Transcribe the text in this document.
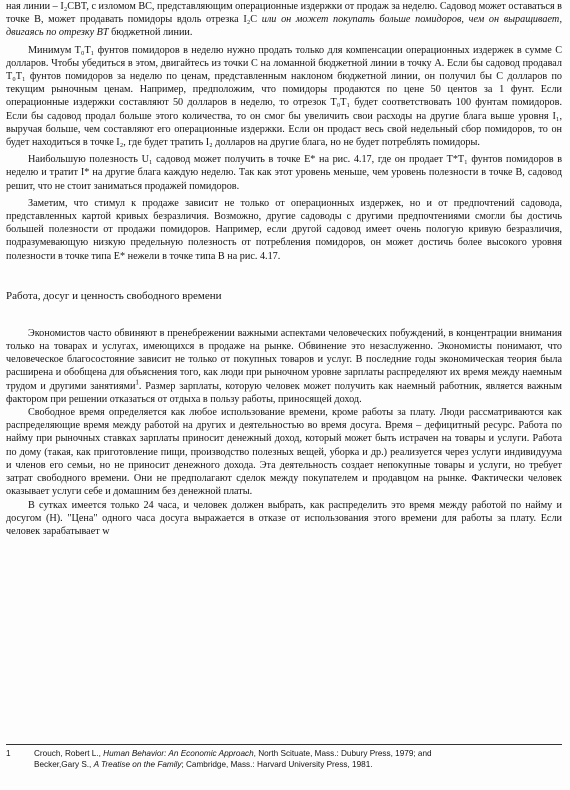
ная линии – I₂CBT, с изломом BC, представляющим операционные издержки от продаж за неделю. Садовод может оставаться в точке B, может продавать помидоры вдоль отрезка I₂C или он может покупать больше помидоров, чем он выращивает, двигаясь по отрезку BT бюджетной линии.

Минимум T₀T₁ фунтов помидоров в неделю нужно продать только для компенсации операционных издержек в сумме C долларов. Чтобы убедиться в этом, двигайтесь из точки C на ломанной бюджетной линии в точку A. Если бы садовод продавал T₀T₁ фунтов помидоров за неделю по ценам, представленным наклоном бюджетной линии, он получил бы C долларов по текущим рыночным ценам. Например, предположим, что помидоры продаются по цене 50 центов за 1 фунт. Если операционные издержки составляют 50 долларов в неделю, то отрезок T₀T₁ будет соответствовать 100 фунтам помидоров. Если бы садовод продал больше этого количества, то он смог бы увеличить свои расходы на другие блага выше уровня I₁, выручая больше, чем составляют его операционные издержки. Если он продаст весь свой недельный сбор помидоров, то он будет находиться в точке I₂, где будет тратить I₂ долларов на другие блага, но не будет потреблять помидоры.

Наибольшую полезность U₁ садовод может получить в точке E* на рис. 4.17, где он продает T*T₁ фунтов помидоров в неделю и тратит I* на другие блага каждую неделю. Так как этот уровень меньше, чем уровень полезности в точке B, садовод решит, что не стоит заниматься продажей помидоров.

Заметим, что стимул к продаже зависит не только от операционных издержек, но и от предпочтений садовода, представленных картой кривых безразличия. Возможно, другие садоводы с другими предпочтениями смогли бы достичь большей полезности от продажи помидоров. Например, если другой садовод имеет очень пологую кривую безразличия, подразумевающую низкую предельную полезность от потребления помидоров, он может достичь более высокого уровня полезности в точке типа E* нежели в точке типа B на рис. 4.17.

Работа, досуг и ценность свободного времени

Экономистов часто обвиняют в пренебрежении важными аспектами человеческих побуждений, в концентрации внимания только на товарах и услугах, имеющихся в продаже на рынке. Обвинение это незаслуженно. Экономисты понимают, что человеческое благосостояние зависит не только от покупных товаров и услуг. В последние годы экономическая теория была расширена и обобщена для объяснения того, как люди при рыночном уровне зарплаты распределяют их время между наемным трудом и другими занятиями$^1$. Размер зарплаты, которую человек может получить как наемный работник, является важным фактором при решении отказаться от отдыха в пользу работы, приносящей доход.

Свободное время определяется как любое использование времени, кроме работы за плату. Люди рассматриваются как распределяющие время между работой на других и деятельностью во время досуга. Время – дефицитный ресурс. Работа по найму при рыночных ставках зарплаты приносит денежный доход, который может быть истрачен на товары и услуги. Работа по дому (такая, как приготовление пищи, производство полезных вещей, уборка и др.) реализуется через услуги индивидуума и членов его семьи, но не приносит денежного дохода. Эта деятельность создает непокупные товары и услуги, но требует затрат свободного времени. Они не предполагают сделок между покупателем и продавцом на рынке. Фактически человек оказывает услуги себе и домашним без денежной платы.

В сутках имеется только 24 часа, и человек должен выбрать, как распределить это время между работой по найму и досугом (H). "Цена" одного часа досуга выражается в отказе от использования этого времени для работы за плату. Если человек зарабатывает w

1	Crouch, Robert L., Human Behavior: An Economic Approach, North Scituate, Mass.: Dubury Press, 1979; and

Becker,Gary S., A Treatise on the Family; Cambridge, Mass.: Harvard University Press, 1981.
